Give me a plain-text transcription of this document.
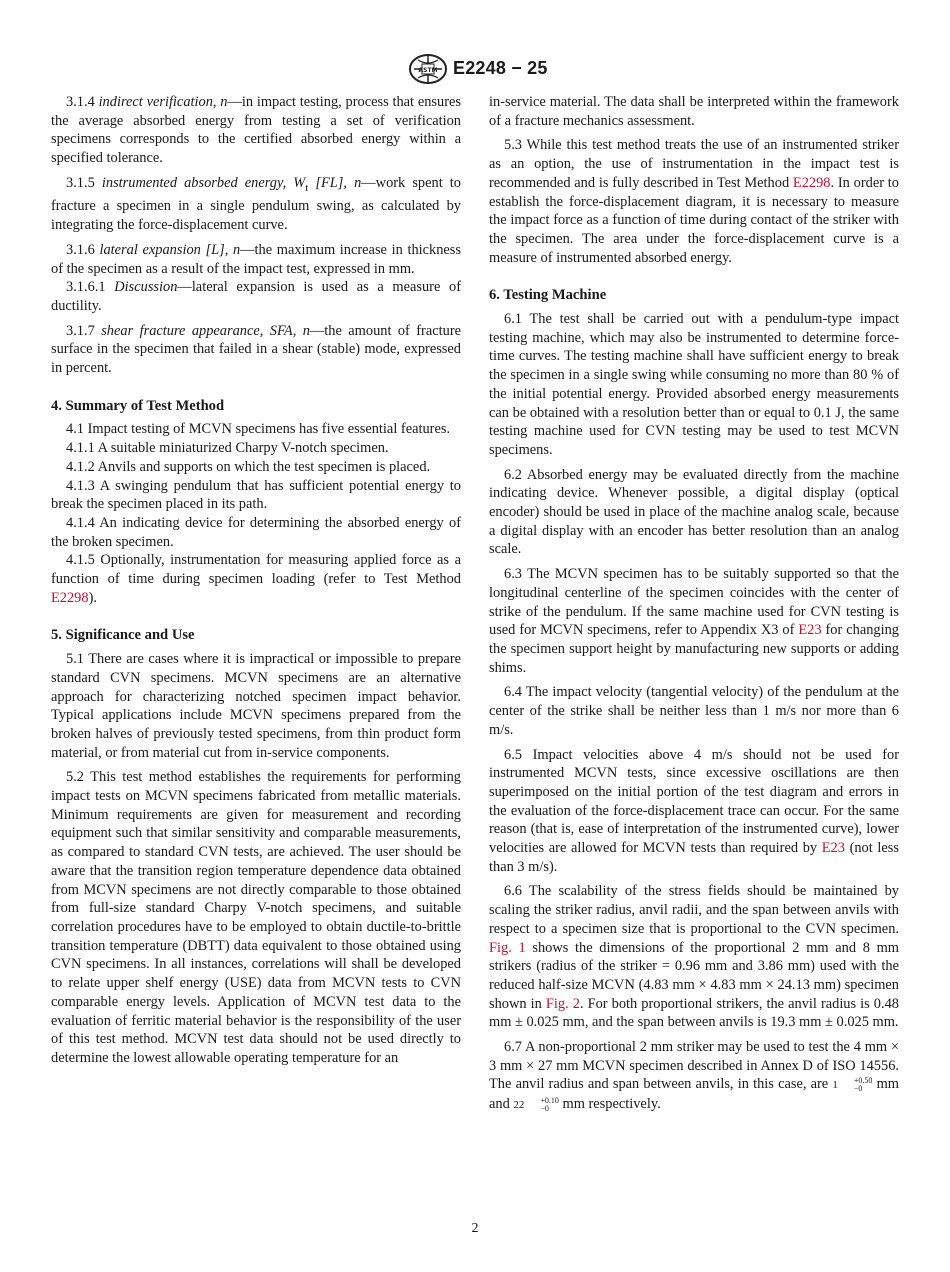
ASTM E2248 − 25

3.1.4 indirect verification, n—in impact testing, process that ensures the average absorbed energy from testing a set of verification specimens corresponds to the certified absorbed energy within a specified tolerance.

3.1.5 instrumented absorbed energy, $W_t$ [FL], n—work spent to fracture a specimen in a single pendulum swing, as calculated by integrating the force-displacement curve.

3.1.6 lateral expansion [L], n—the maximum increase in thickness of the specimen as a result of the impact test, expressed in mm.

3.1.6.1 Discussion—lateral expansion is used as a measure of ductility.

3.1.7 shear fracture appearance, SFA, n—the amount of fracture surface in the specimen that failed in a shear (stable) mode, expressed in percent.

4. Summary of Test Method

4.1 Impact testing of MCVN specimens has five essential features.

4.1.1 A suitable miniaturized Charpy V-notch specimen.

4.1.2 Anvils and supports on which the test specimen is placed.

4.1.3 A swinging pendulum that has sufficient potential energy to break the specimen placed in its path.

4.1.4 An indicating device for determining the absorbed energy of the broken specimen.

4.1.5 Optionally, instrumentation for measuring applied force as a function of time during specimen loading (refer to Test Method E2298).

5. Significance and Use

5.1 There are cases where it is impractical or impossible to prepare standard CVN specimens. MCVN specimens are an alternative approach for characterizing notched specimen impact behavior. Typical applications include MCVN specimens prepared from the broken halves of previously tested specimens, from thin product form material, or from material cut from in-service components.

5.2 This test method establishes the requirements for performing impact tests on MCVN specimens fabricated from metallic materials. Minimum requirements are given for measurement and recording equipment such that similar sensitivity and comparable measurements, as compared to standard CVN tests, are achieved. The user should be aware that the transition region temperature dependence data obtained from MCVN specimens are not directly comparable to those obtained from full-size standard Charpy V-notch specimens, and suitable correlation procedures have to be employed to obtain ductile-to-brittle transition temperature (DBTT) data equivalent to those obtained using CVN specimens. In all instances, correlations will shall be developed to relate upper shelf energy (USE) data from MCVN tests to CVN comparable energy levels. Application of MCVN test data to the evaluation of ferritic material behavior is the responsibility of the user of this test method. MCVN test data should not be used directly to determine the lowest allowable operating temperature for an

in-service material. The data shall be interpreted within the framework of a fracture mechanics assessment.

5.3 While this test method treats the use of an instrumented striker as an option, the use of instrumentation in the impact test is recommended and is fully described in Test Method E2298. In order to establish the force-displacement diagram, it is necessary to measure the impact force as a function of time during contact of the striker with the specimen. The area under the force-displacement curve is a measure of instrumented absorbed energy.

6. Testing Machine

6.1 The test shall be carried out with a pendulum-type impact testing machine, which may also be instrumented to determine force-time curves. The testing machine shall have sufficient energy to break the specimen in a single swing while consuming no more than 80 % of the initial potential energy. Provided absorbed energy measurements can be obtained with a resolution better than or equal to 0.1 J, the same testing machine used for CVN testing may be used to test MCVN specimens.

6.2 Absorbed energy may be evaluated directly from the machine indicating device. Whenever possible, a digital display (optical encoder) should be used in place of the machine analog scale, because a digital display with an encoder has better resolution than an analog scale.

6.3 The MCVN specimen has to be suitably supported so that the longitudinal centerline of the specimen coincides with the center of strike of the pendulum. If the same machine used for CVN testing is used for MCVN specimens, refer to Appendix X3 of E23 for changing the specimen support height by manufacturing new supports or adding shims.

6.4 The impact velocity (tangential velocity) of the pendulum at the center of the strike shall be neither less than 1 m/s nor more than 6 m/s.

6.5 Impact velocities above 4 m/s should not be used for instrumented MCVN tests, since excessive oscillations are then superimposed on the initial portion of the test diagram and errors in the evaluation of the force-displacement trace can occur. For the same reason (that is, ease of interpretation of the instrumented curve), lower velocities are allowed for MCVN tests than required by E23 (not less than 3 m/s).

6.6 The scalability of the stress fields should be maintained by scaling the striker radius, anvil radii, and the span between anvils with respect to a specimen size that is proportional to the CVN specimen. Fig. 1 shows the dimensions of the proportional 2 mm and 8 mm strikers (radius of the striker = 0.96 mm and 3.86 mm) used with the reduced half-size MCVN (4.83 mm × 4.83 mm × 24.13 mm) specimen shown in Fig. 2. For both proportional strikers, the anvil radius is 0.48 mm ± 0.025 mm, and the span between anvils is 19.3 mm ± 0.025 mm.

6.7 A non-proportional 2 mm striker may be used to test the 4 mm × 3 mm × 27 mm MCVN specimen described in Annex D of ISO 14556. The anvil radius and span between anvils, in this case, are 1	+0.50
−0 mm and 22	+0.10
−0 mm respectively.

2
